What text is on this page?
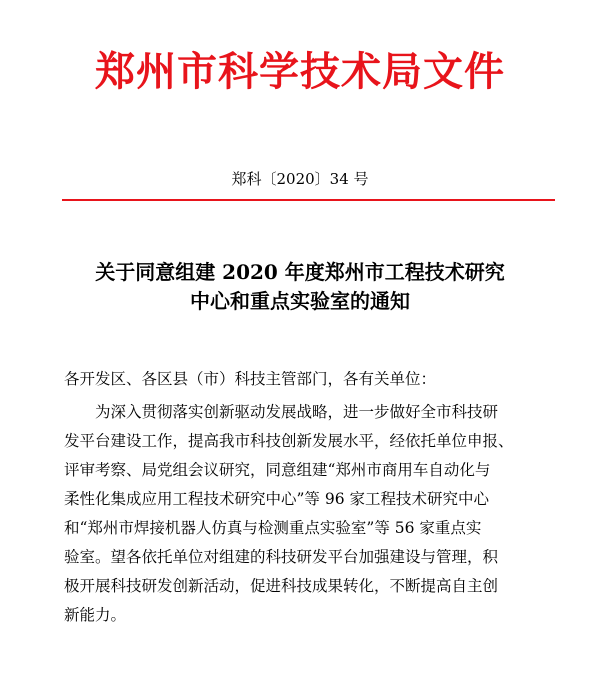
郑州市科学技术局文件
郑科〔2020〕34 号
关于同意组建 2020 年度郑州市工程技术研究
中心和重点实验室的通知
各开发区、各区县（市）科技主管部门，各有关单位：
为深入贯彻落实创新驱动发展战略，进一步做好全市科技研
发平台建设工作，提高我市科技创新发展水平，经依托单位申报、
评审考察、局党组会议研究，同意组建“郑州市商用车自动化与
柔性化集成应用工程技术研究中心”等 96 家工程技术研究中心
和“郑州市焊接机器人仿真与检测重点实验室”等 56 家重点实
验室。望各依托单位对组建的科技研发平台加强建设与管理，积
极开展科技研发创新活动，促进科技成果转化，不断提高自主创
新能力。
